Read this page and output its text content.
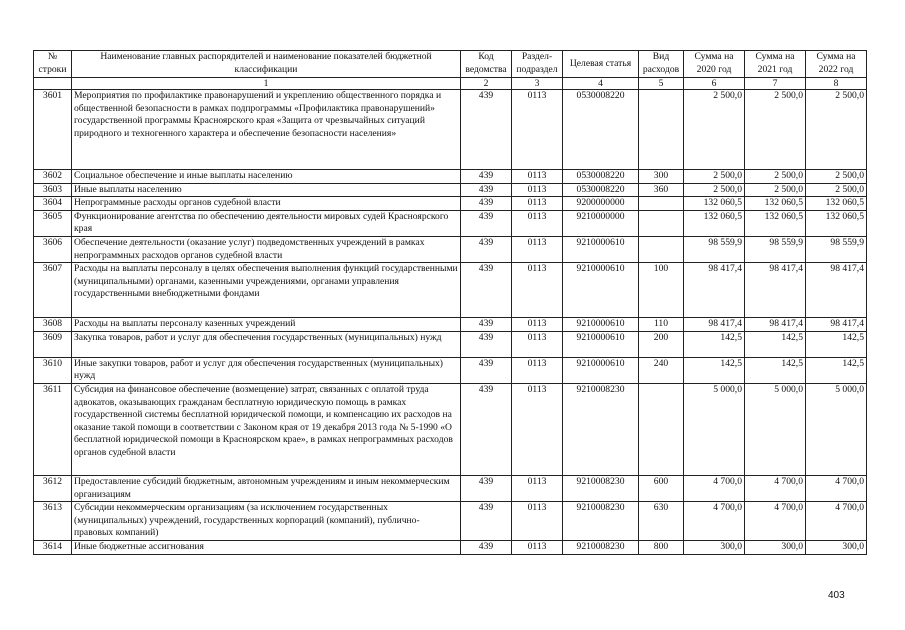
№ строки	Наименование главных распорядителей и наименование показателей бюджетной классификации	Код ведомства	Раздел-подраздел	Целевая статья	Вид расходов	Сумма на 2020 год	Сумма на 2021 год	Сумма на 2022 год
	1	2	3	4	5	6	7	8
3601	Мероприятия по профилактике правонарушений и укреплению общественного порядка и общественной безопасности в рамках подпрограммы «Профилактика правонарушений» государственной программы Красноярского края «Защита от чрезвычайных ситуаций природного и техногенного характера и обеспечение безопасности населения»	439	0113	0530008220		2 500,0	2 500,0	2 500,0
3602	Социальное обеспечение и иные выплаты населению	439	0113	0530008220	300	2 500,0	2 500,0	2 500,0
3603	Иные выплаты населению	439	0113	0530008220	360	2 500,0	2 500,0	2 500,0
3604	Непрограммные расходы органов судебной власти	439	0113	9200000000		132 060,5	132 060,5	132 060,5
3605	Функционирование агентства по обеспечению деятельности мировых судей Красноярского края	439	0113	9210000000		132 060,5	132 060,5	132 060,5
3606	Обеспечение деятельности (оказание услуг) подведомственных учреждений в рамках непрограммных расходов органов судебной власти	439	0113	9210000610		98 559,9	98 559,9	98 559,9
3607	Расходы на выплаты персоналу в целях обеспечения выполнения функций государственными (муниципальными) органами, казенными учреждениями, органами управления государственными внебюджетными фондами	439	0113	9210000610	100	98 417,4	98 417,4	98 417,4
3608	Расходы на выплаты персоналу казенных учреждений	439	0113	9210000610	110	98 417,4	98 417,4	98 417,4
3609	Закупка товаров, работ и услуг для обеспечения государственных (муниципальных) нужд	439	0113	9210000610	200	142,5	142,5	142,5
3610	Иные закупки товаров, работ и услуг для обеспечения государственных (муниципальных) нужд	439	0113	9210000610	240	142,5	142,5	142,5
3611	Субсидия на финансовое обеспечение (возмещение) затрат, связанных с оплатой труда адвокатов, оказывающих гражданам бесплатную юридическую помощь в рамках государственной системы бесплатной юридической помощи, и компенсацию их расходов на оказание такой помощи в соответствии с Законом края от 19 декабря 2013 года № 5-1990 «О бесплатной юридической помощи в Красноярском крае», в рамках непрограммных расходов органов судебной власти	439	0113	9210008230		5 000,0	5 000,0	5 000,0
3612	Предоставление субсидий бюджетным, автономным учреждениям и иным некоммерческим организациям	439	0113	9210008230	600	4 700,0	4 700,0	4 700,0
3613	Субсидии некоммерческим организациям (за исключением государственных (муниципальных) учреждений, государственных корпораций (компаний), публично-правовых компаний)	439	0113	9210008230	630	4 700,0	4 700,0	4 700,0
3614	Иные бюджетные ассигнования	439	0113	9210008230	800	300,0	300,0	300,0
403
